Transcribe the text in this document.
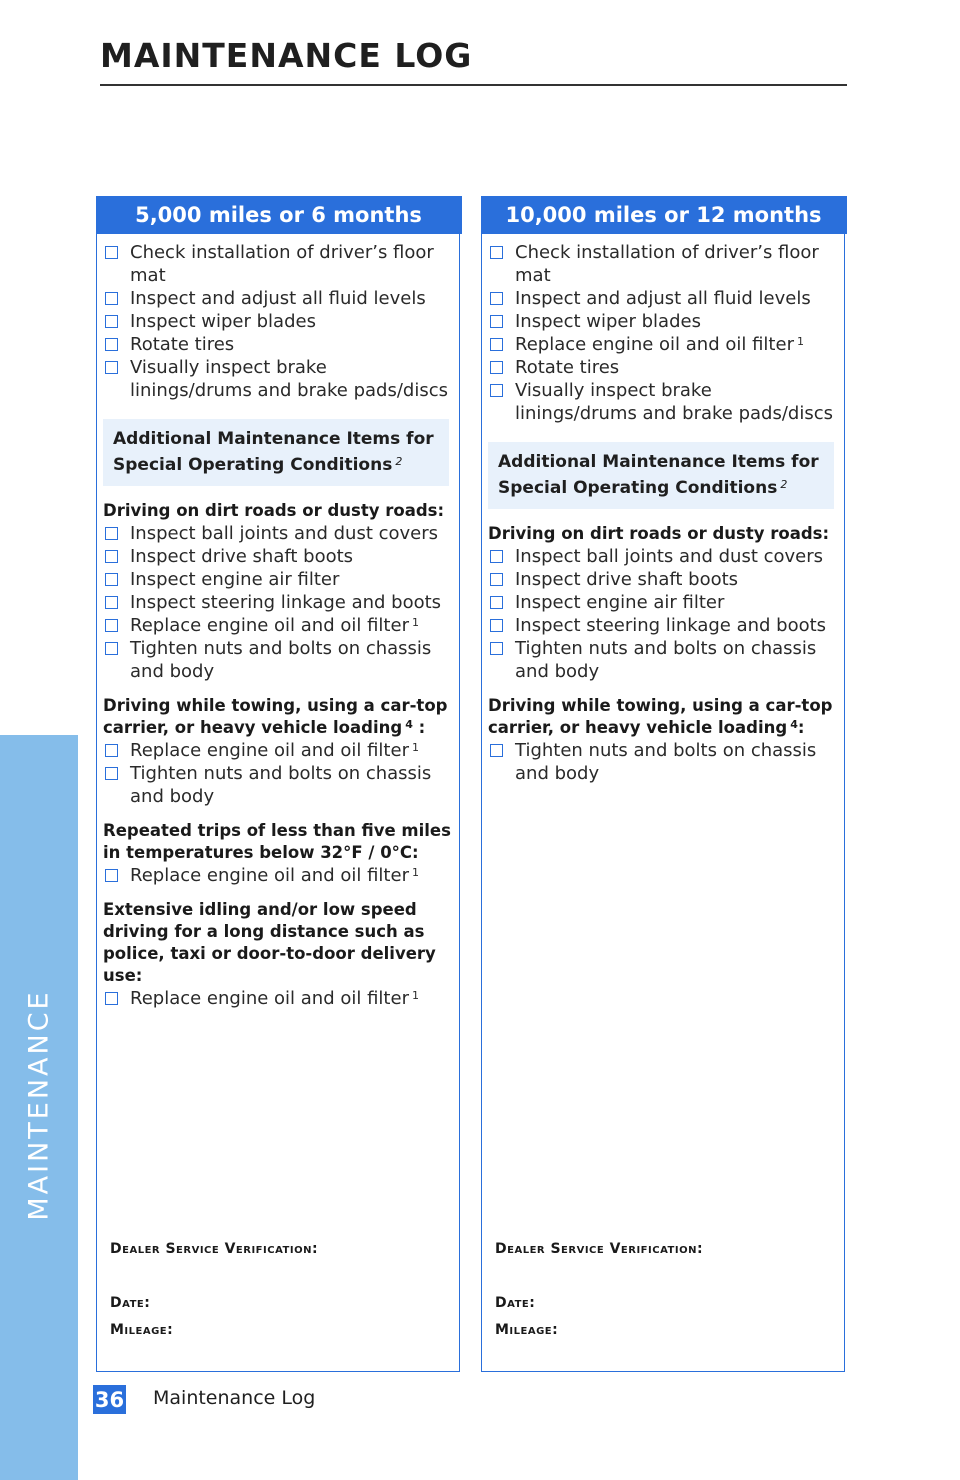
MAINTENANCE
MAINTENANCE LOG
5,000 miles or 6 months
Check installation of driver’s floor mat
Inspect and adjust all fluid levels
Inspect wiper blades
Rotate tires
Visually inspect brake linings/drums and brake pads/discs
Additional Maintenance Items for Special Operating Conditions $^2$
Driving on dirt roads or dusty roads:
Inspect ball joints and dust covers
Inspect drive shaft boots
Inspect engine air filter
Inspect steering linkage and boots
Replace engine oil and oil filter $^1$
Tighten nuts and bolts on chassis and body
Driving while towing, using a car-top carrier, or heavy vehicle loading $^4$ :
Replace engine oil and oil filter $^1$
Tighten nuts and bolts on chassis and body
Repeated trips of less than five miles in temperatures below 32°F / 0°C:
Replace engine oil and oil filter $^1$
Extensive idling and/or low speed driving for a long distance such as police, taxi or door-to-door delivery use:
Replace engine oil and oil filter $^1$
Dealer Service Verification:
Date:
Mileage:
10,000 miles or 12 months
Check installation of driver’s floor mat
Inspect and adjust all fluid levels
Inspect wiper blades
Replace engine oil and oil filter $^1$
Rotate tires
Visually inspect brake linings/drums and brake pads/discs
Additional Maintenance Items for Special Operating Conditions $^2$
Driving on dirt roads or dusty roads:
Inspect ball joints and dust covers
Inspect drive shaft boots
Inspect engine air filter
Inspect steering linkage and boots
Tighten nuts and bolts on chassis and body
Driving while towing, using a car-top carrier, or heavy vehicle loading $^4$:
Tighten nuts and bolts on chassis and body
Dealer Service Verification:
Date:
Mileage:
36 Maintenance Log
